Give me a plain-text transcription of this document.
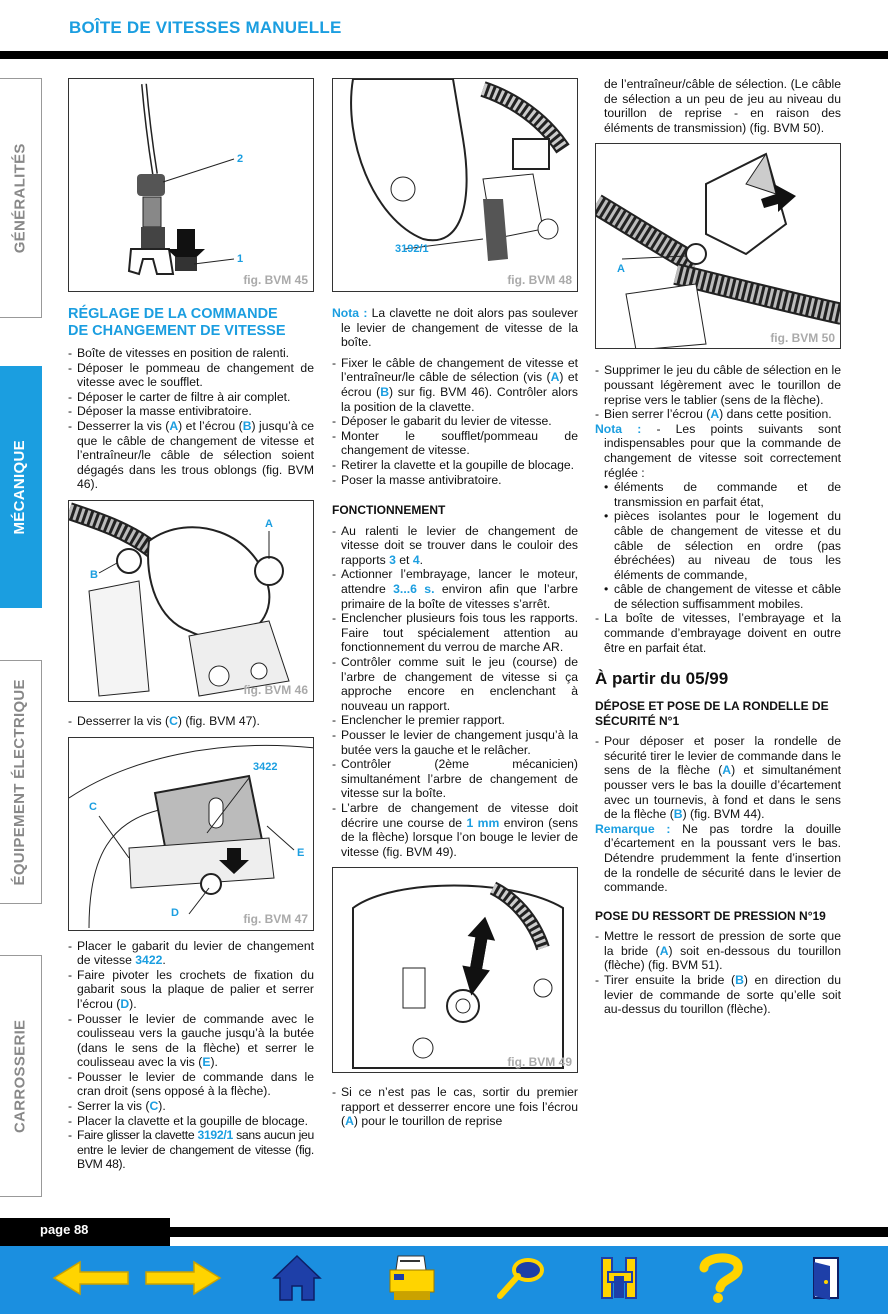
BOÎTE DE VITESSES MANUELLE
GÉNÉRALITÉS
MÉCANIQUE
ÉQUIPEMENT ÉLECTRIQUE
CARROSSERIE
2
1
fig. BVM 45
RÉGLAGE DE LA COMMANDE
DE CHANGEMENT DE VITESSE
- Boîte de vitesses en position de ralenti.
- Déposer le pommeau de changement de vitesse avec le soufflet.
- Déposer le carter de filtre à air complet.
- Déposer la masse entivibratoire.
- Desserrer la vis (A) et l’écrou (B) jusqu’à ce que le câble de changement de vitesse et l’entraîneur/le câble de sélection soient dégagés dans les trous oblongs (fig. BVM 46).
A
B
fig. BVM 46
- Desserrer la vis (C) (fig. BVM 47).
3422
C
E
D	fig. BVM 47
- Placer le gabarit du levier de changement de vitesse 3422.
- Faire pivoter les crochets de fixation du gabarit sous la plaque de palier et serrer l’écrou (D).
- Pousser le levier de commande avec le coulisseau vers la gauche jusqu’à la butée (dans le sens de la flèche) et serrer le coulisseau avec la vis (E).
- Pousser le levier de commande dans le cran droit (sens opposé à la flèche).
- Serrer la vis (C).
- Placer la clavette et la goupille de blocage.
- Faire glisser la clavette 3192/1 sans aucun jeu entre le levier de changement de vitesse (fig. BVM 48).
3192/1
fig. BVM 48
Nota : La clavette ne doit alors pas soulever le levier de changement de vitesse de la boîte.
- Fixer le câble de changement de vitesse et l’entraîneur/le câble de sélection (vis (A) et écrou (B) sur fig. BVM 46). Contrôler alors la position de la clavette.
- Déposer le gabarit du levier de vitesse.
- Monter le soufflet/pommeau de changement de vitesse.
- Retirer la clavette et la goupille de blocage.
- Poser la masse antivibratoire.
FONCTIONNEMENT
- Au ralenti le levier de changement de vitesse doit se trouver dans le couloir des rapports 3 et 4.
- Actionner l’embrayage, lancer le moteur, attendre 3...6 s. environ afin que l’arbre primaire de la boîte de vitesses s’arrêt.
- Enclencher plusieurs fois tous les rapports. Faire tout spécialement attention au fonctionnement du verrou de marche AR.
- Contrôler comme suit le jeu (course) de l’arbre de changement de vitesse si ça approche encore en enclenchant à nouveau un rapport.
- Enclencher le premier rapport.
- Pousser le levier de changement jusqu’à la butée vers la gauche et le relâcher.
- Contrôler (2ème mécanicien) simultanément l’arbre de changement de vitesse sur la boîte.
- L’arbre de changement de vitesse doit décrire une course de 1 mm environ (sens de la flèche) lorsque l’on bouge le levier de vitesse (fig. BVM 49).
fig. BVM 49
- Si ce n’est pas le cas, sortir du premier rapport et desserrer encore une fois l’écrou (A) pour le tourillon de reprise
de l’entraîneur/câble de sélection. (Le câble de sélection a un peu de jeu au niveau du tourillon de reprise - en raison des éléments de transmission) (fig. BVM 50).
A
fig. BVM 50
- Supprimer le jeu du câble de sélection en le poussant légèrement avec le tourillon de reprise vers le tablier (sens de la flèche).
- Bien serrer l’écrou (A) dans cette position.
Nota : - Les points suivants sont indispensables pour que la commande de changement de vitesse soit correctement réglée :
• éléments de commande et de transmission en parfait état,
• pièces isolantes pour le logement du câble de changement de vitesse et du câble de sélection en ordre (pas ébréchées) au niveau de tous les éléments de commande,
• câble de changement de vitesse et câble de sélection suffisamment mobiles.
- La boîte de vitesses, l’embrayage et la commande d’embrayage doivent en outre être en parfait état.
À partir du 05/99
DÉPOSE ET POSE DE LA RONDELLE DE SÉCURITÉ N°1
- Pour déposer et poser la rondelle de sécurité tirer le levier de commande dans le sens de la flèche (A) et simultanément pousser vers le bas la douille d’écartement avec un tournevis, à fond et dans le sens de la flèche (B) (fig. BVM 44).
Remarque : Ne pas tordre la douille d’écartement en la poussant vers le bas. Détendre prudemment la fente d’insertion de la rondelle de sécurité dans le levier de commande.
POSE DU RESSORT DE PRESSION N°19
- Mettre le ressort de pression de sorte que la bride (A) soit en-dessous du tourillon (flèche) (fig. BVM 51).
- Tirer ensuite la bride (B) en direction du levier de commande de sorte qu’elle soit au-dessus du tourillon (flèche).
page 88
